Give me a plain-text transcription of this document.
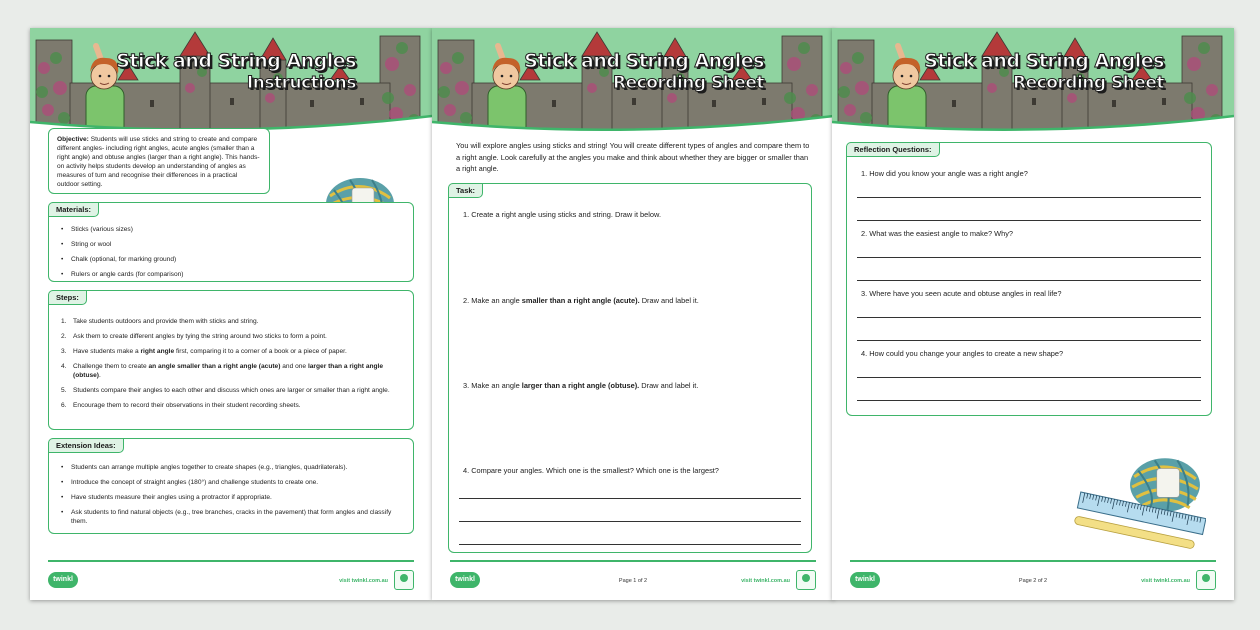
Stick and String Angles
Instructions

Objective: Students will use sticks and string to create and compare different angles- including right angles, acute angles (smaller than a right angle) and obtuse angles (larger than a right angle). This hands-on activity helps students develop an understanding of angles as measures of turn and recognise their differences in a practical outdoor setting.

Materials:
• Sticks (various sizes)
• String or wool
• Chalk (optional, for marking ground)
• Rulers or angle cards (for comparison)
Steps:
1. Take students outdoors and provide them with sticks and string.
2. Ask them to create different angles by tying the string around two sticks to form a point.
3. Have students make a right angle first, comparing it to a corner of a book or a piece of paper.
4. Challenge them to create an angle smaller than a right angle (acute) and one larger than a right angle (obtuse).
5. Students compare their angles to each other and discuss which ones are larger or smaller than a right angle.
6. Encourage them to record their observations in their student recording sheets.
Extension Ideas:
• Students can arrange multiple angles together to create shapes (e.g., triangles, quadrilaterals).
• Introduce the concept of straight angles (180°) and challenge students to create one.
• Have students measure their angles using a protractor if appropriate.
• Ask students to find natural objects (e.g., tree branches, cracks in the pavement) that form angles and classify them.
twinkl	visit twinkl.com.au
Stick and String Angles
Recording Sheet

You will explore angles using sticks and string! You will create different types of angles and compare them to a right angle. Look carefully at the angles you make and think about whether they are bigger or smaller than a right angle.

Task:

1. Create a right angle using sticks and string. Draw it below.

2. Make an angle smaller than a right angle (acute). Draw and label it.

3. Make an angle larger than a right angle (obtuse). Draw and label it.

4. Compare your angles. Which one is the smallest? Which one is the largest?

twinkl	Page 1 of 2	visit twinkl.com.au
Stick and String Angles
Recording Sheet
Reflection Questions:

1. How did you know your angle was a right angle?

2. What was the easiest angle to make? Why?

3. Where have you seen acute and obtuse angles in real life?

4. How could you change your angles to create a new shape?

twinkl	Page 2 of 2	visit twinkl.com.au
